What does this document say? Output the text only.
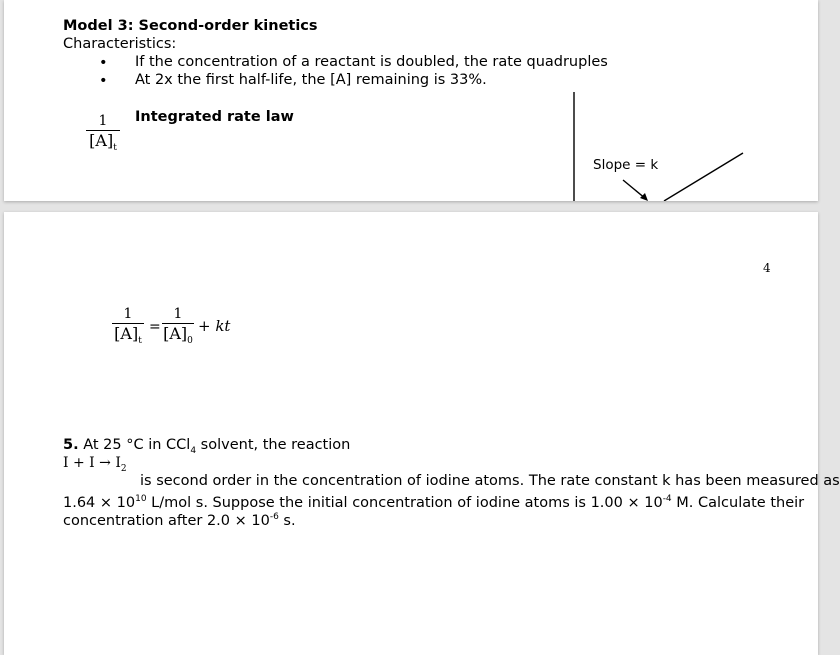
Model 3: Second-order kinetics
Characteristics:
• If the concentration of a reactant is doubled, the rate quadruples
• At 2x the first half-life, the [A] remaining is 33%.
Integrated rate law
1
$[A]_t$
Slope = k
4
1
$[A]_t$
=
1
$[A]_0$
+ kt
5. At 25 °C in CCl$_4$ solvent, the reaction
$I + I \to I_2$
is second order in the concentration of iodine atoms. The rate constant k has been measured as
$1.64 \times 10^{10}$ L/mol s. Suppose the initial concentration of iodine atoms is $1.00 \times 10^{-4}$ M. Calculate their
concentration after $2.0 \times 10^{-6}$ s.
